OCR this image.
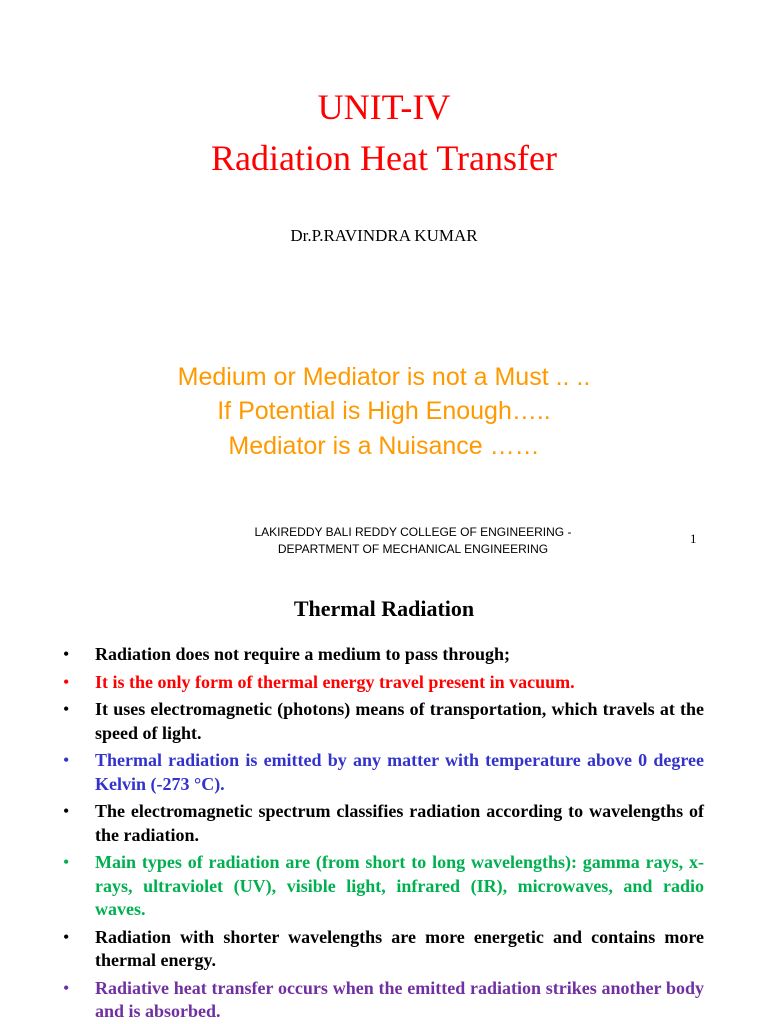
UNIT-IV
Radiation Heat Transfer
Dr.P.RAVINDRA KUMAR
Medium or Mediator is not a Must .. ..
If Potential is High Enough…..
Mediator is a Nuisance ……
LAKIREDDY BALI REDDY COLLEGE OF ENGINEERING -
DEPARTMENT OF MECHANICAL ENGINEERING
1
Thermal Radiation
• Radiation does not require a medium to pass through;
• It is the only form of thermal energy travel present in vacuum.
• It uses electromagnetic (photons) means of transportation, which travels at the speed of light.
• Thermal radiation is emitted by any matter with temperature above 0 degree Kelvin (-273 °C).
• The electromagnetic spectrum classifies radiation according to wavelengths of the radiation.
• Main types of radiation are (from short to long wavelengths): gamma rays, x-rays, ultraviolet (UV), visible light, infrared (IR), microwaves, and radio waves.
• Radiation with shorter wavelengths are more energetic and contains more thermal energy.
• Radiative heat transfer occurs when the emitted radiation strikes another body and is absorbed.
